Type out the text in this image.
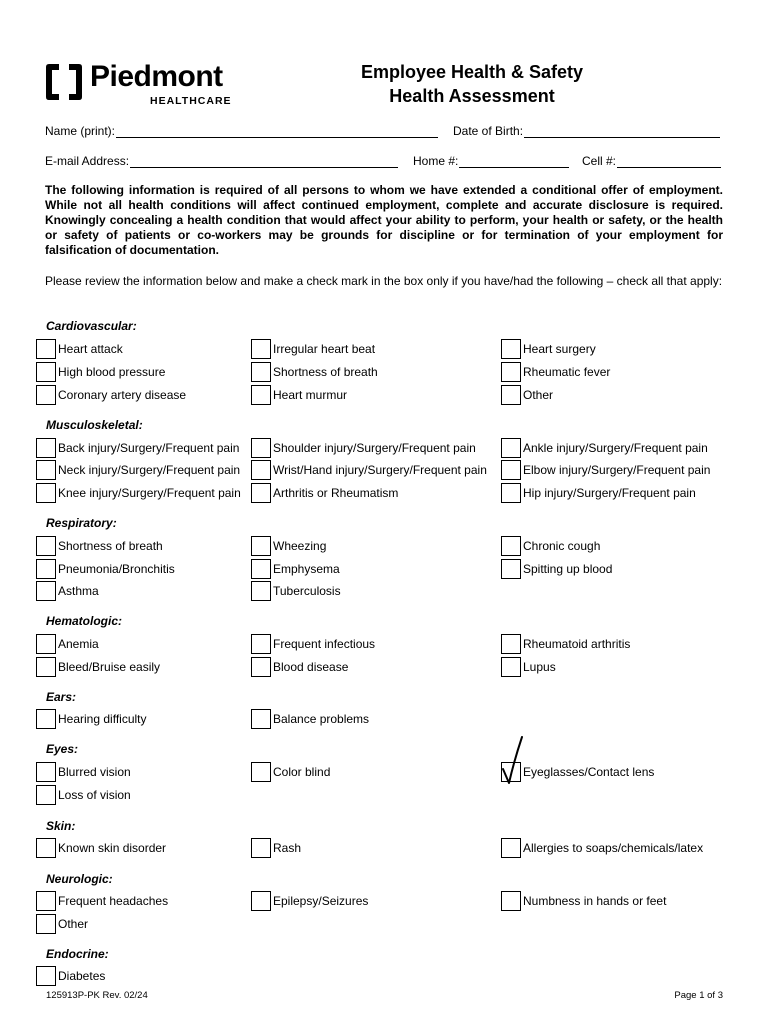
Piedmont
HEALTHCARE
Employee Health & Safety
Health Assessment
Name (print):	Date of Birth:
E-mail Address:	Home #:	Cell #:
The following information is required of all persons to whom we have extended a conditional offer of employment. While not all health conditions will affect continued employment, complete and accurate disclosure is required. Knowingly concealing a health condition that would affect your ability to perform, your health or safety, or the health or safety of patients or co-workers may be grounds for discipline or for termination of your employment for falsification of documentation.
Please review the information below and make a check mark in the box only if you have/had the following – check all that apply:
Cardiovascular:
Heart attack	Irregular heart beat	Heart surgery
High blood pressure	Shortness of breath	Rheumatic fever
Coronary artery disease	Heart murmur	Other
Musculoskeletal:
Back injury/Surgery/Frequent pain	Shoulder injury/Surgery/Frequent pain	Ankle injury/Surgery/Frequent pain
Neck injury/Surgery/Frequent pain	Wrist/Hand injury/Surgery/Frequent pain	Elbow injury/Surgery/Frequent pain
Knee injury/Surgery/Frequent pain	Arthritis or Rheumatism	Hip injury/Surgery/Frequent pain
Respiratory:
Shortness of breath	Wheezing	Chronic cough
Pneumonia/Bronchitis	Emphysema	Spitting up blood
Asthma	Tuberculosis
Hematologic:
Anemia	Frequent infectious	Rheumatoid arthritis
Bleed/Bruise easily	Blood disease	Lupus
Ears:
Hearing difficulty	Balance problems
Eyes:
Blurred vision	Color blind	Eyeglasses/Contact lens
Loss of vision
Skin:
Known skin disorder	Rash	Allergies to soaps/chemicals/latex
Neurologic:
Frequent headaches	Epilepsy/Seizures	Numbness in hands or feet
Other
Endocrine:
Diabetes
125913P-PK Rev. 02/24	Page 1 of 3
